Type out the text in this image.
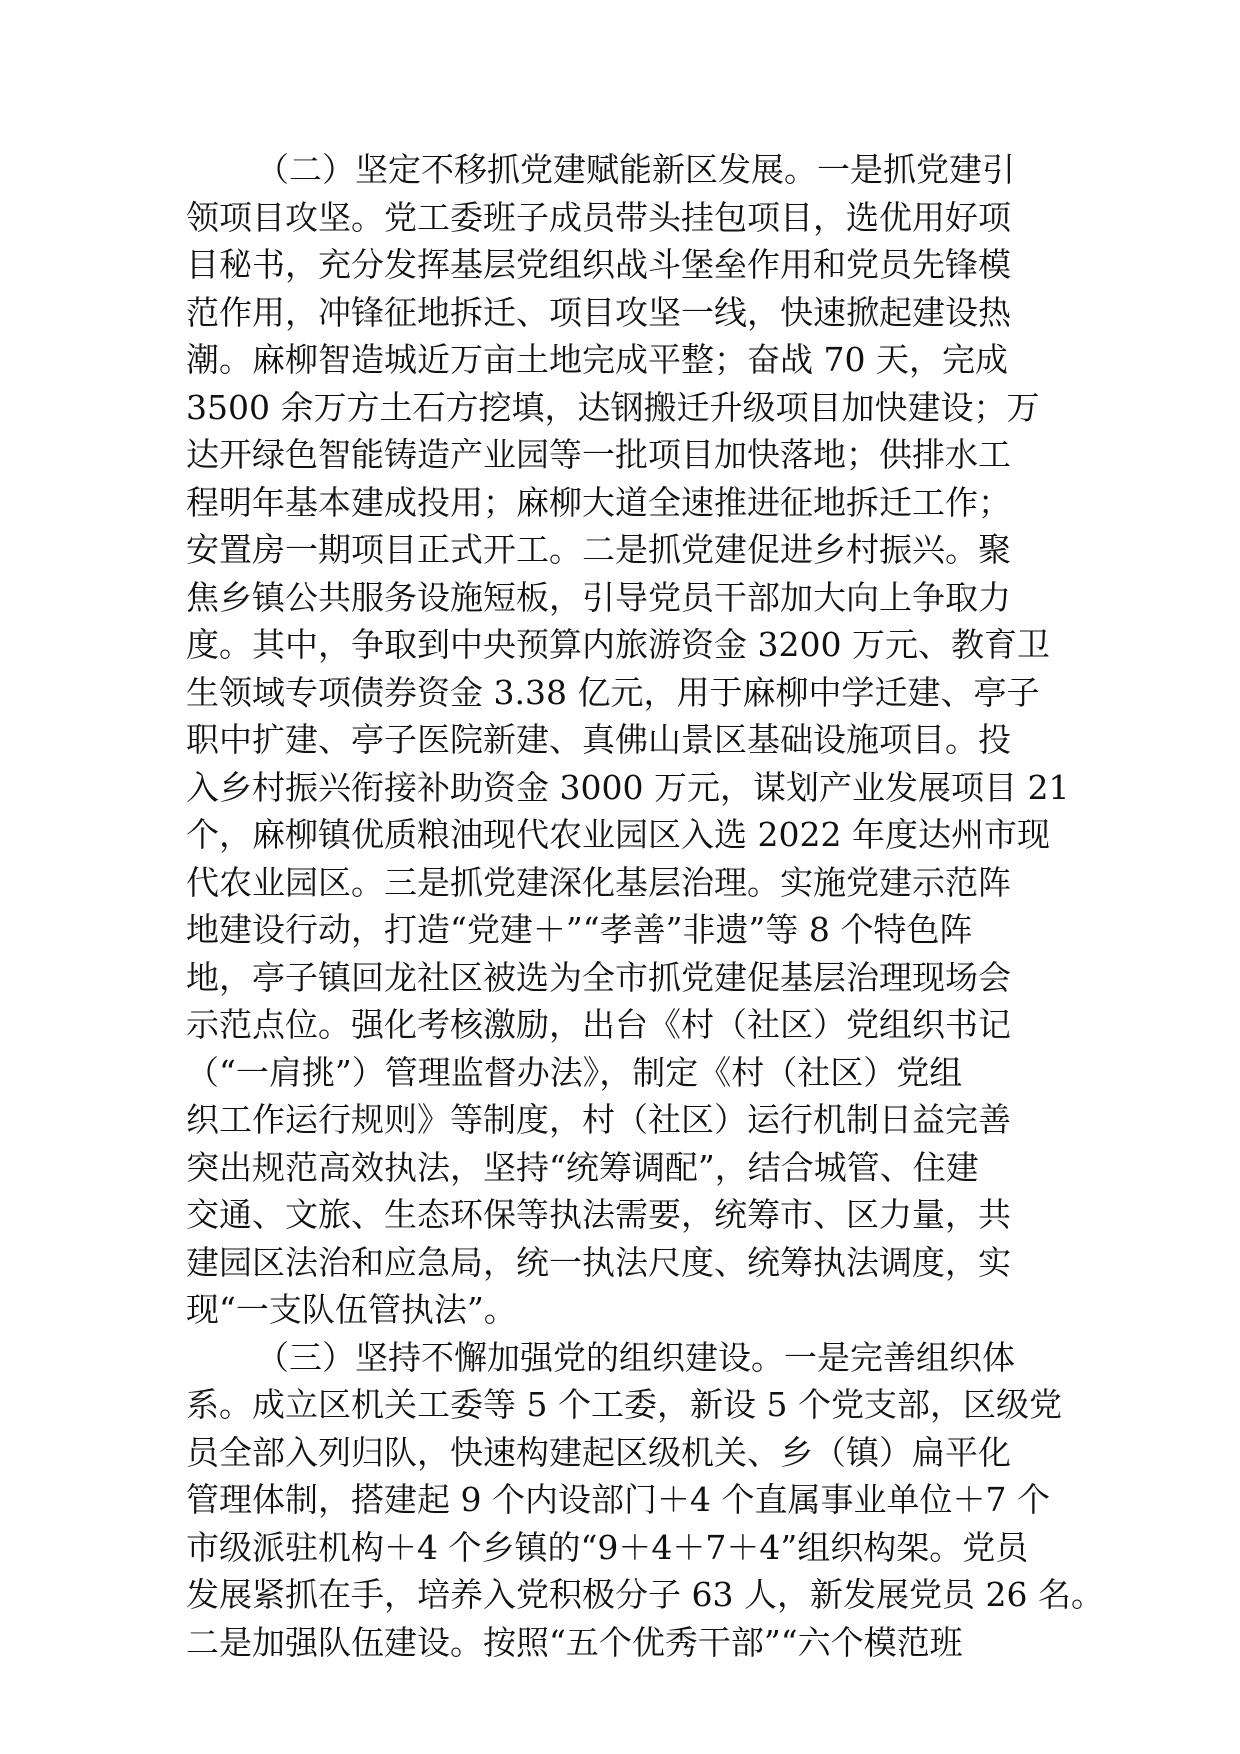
（二）坚定不移抓党建赋能新区发展。一是抓党建引
领项目攻坚。党工委班子成员带头挂包项目，选优用好项
目秘书，充分发挥基层党组织战斗堡垒作用和党员先锋模
范作用，冲锋征地拆迁、项目攻坚一线，快速掀起建设热
潮。麻柳智造城近万亩土地完成平整；奋战 70 天，完成
3500 余万方土石方挖填，达钢搬迁升级项目加快建设；万
达开绿色智能铸造产业园等一批项目加快落地；供排水工
程明年基本建成投用；麻柳大道全速推进征地拆迁工作；
安置房一期项目正式开工。二是抓党建促进乡村振兴。聚
焦乡镇公共服务设施短板，引导党员干部加大向上争取力
度。其中，争取到中央预算内旅游资金 3200 万元、教育卫
生领域专项债券资金 3.38 亿元，用于麻柳中学迁建、亭子
职中扩建、亭子医院新建、真佛山景区基础设施项目。投
入乡村振兴衔接补助资金 3000 万元，谋划产业发展项目 21
个，麻柳镇优质粮油现代农业园区入选 2022 年度达州市现
代农业园区。三是抓党建深化基层治理。实施党建示范阵
地建设行动，打造“党建＋”“孝善”非遗”等 8 个特色阵
地，亭子镇回龙社区被选为全市抓党建促基层治理现场会
示范点位。强化考核激励，出台《村（社区）党组织书记
（“一肩挑”）管理监督办法》，制定《村（社区）党组
织工作运行规则》等制度，村（社区）运行机制日益完善
突出规范高效执法，坚持“统筹调配”，结合城管、住建
交通、文旅、生态环保等执法需要，统筹市、区力量，共
建园区法治和应急局，统一执法尺度、统筹执法调度，实
现“一支队伍管执法”。
（三）坚持不懈加强党的组织建设。一是完善组织体
系。成立区机关工委等 5 个工委，新设 5 个党支部，区级党
员全部入列归队，快速构建起区级机关、乡（镇）扁平化
管理体制，搭建起 9 个内设部门＋4 个直属事业单位＋7 个
市级派驻机构＋4 个乡镇的“9＋4＋7＋4”组织构架。党员
发展紧抓在手，培养入党积极分子 63 人，新发展党员 26 名。
二是加强队伍建设。按照“五个优秀干部”“六个模范班
